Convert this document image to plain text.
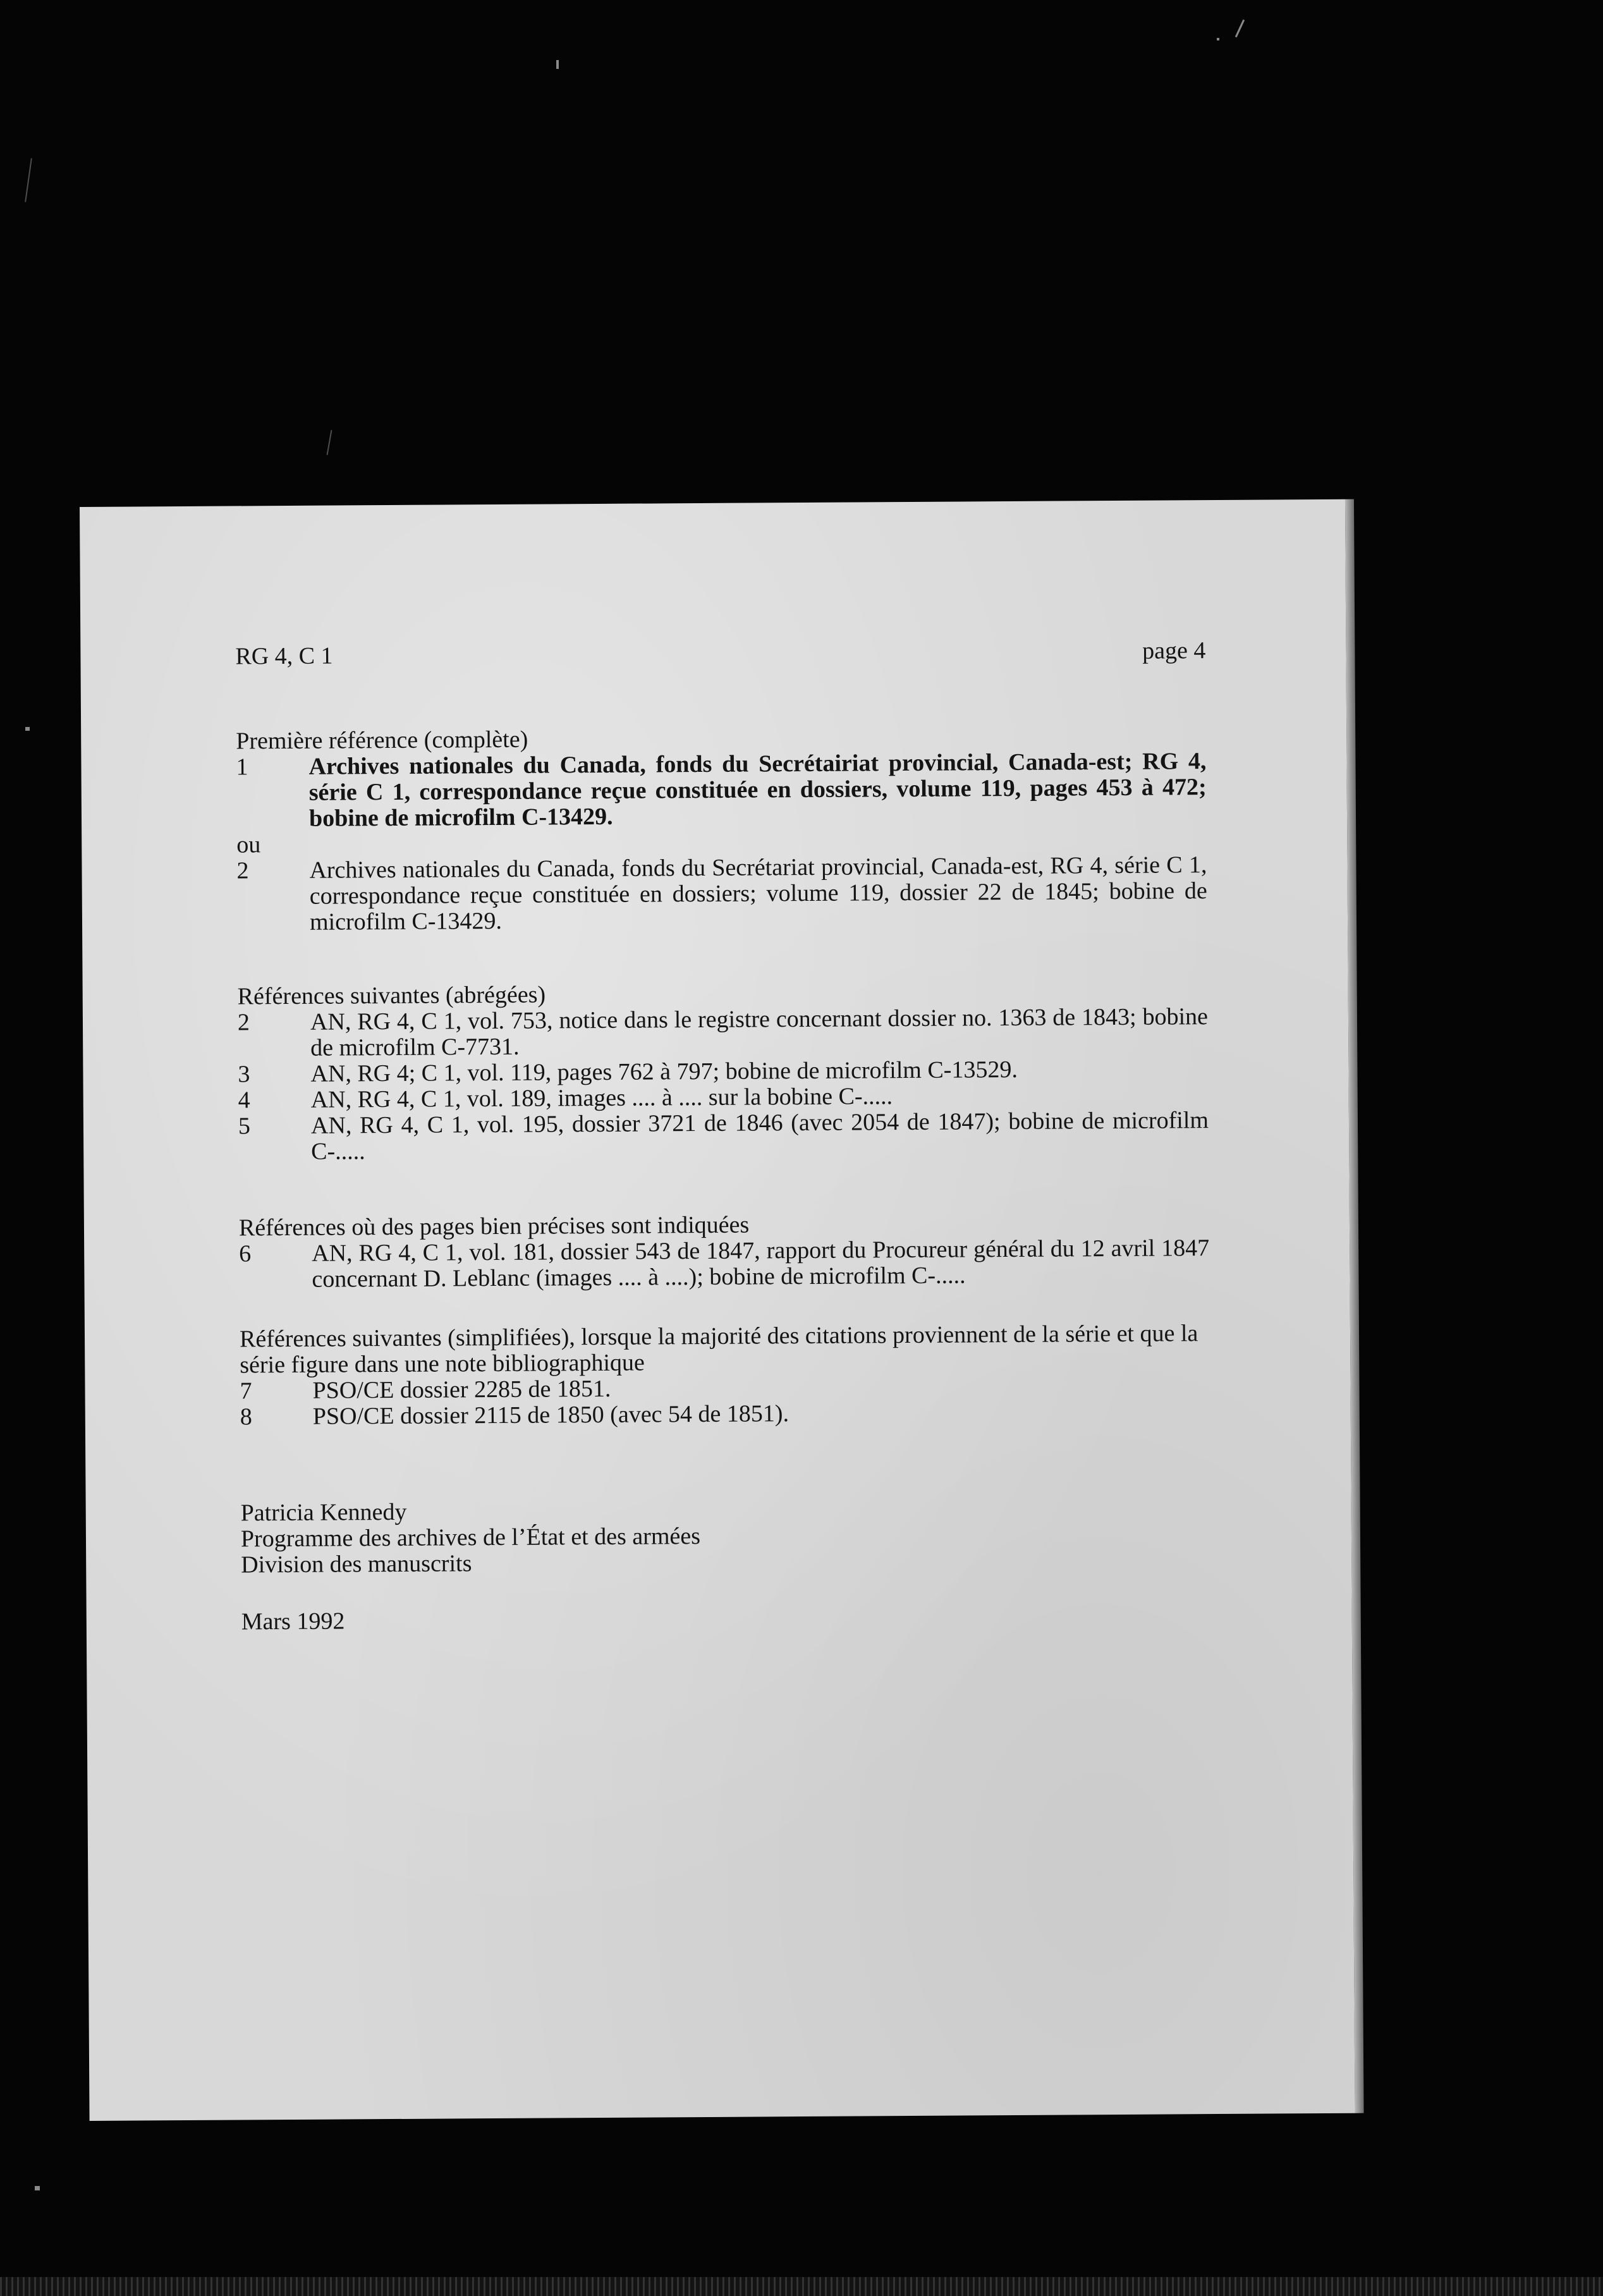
RG 4, C 1	page 4

Première référence (complète)

1	Archives nationales du Canada, fonds du Secrétairiat provincial, Canada-est; RG 4, série C 1, correspondance reçue constituée en dossiers, volume 119, pages 453 à 472; bobine de microfilm C-13429.

ou

2	Archives nationales du Canada, fonds du Secrétariat provincial, Canada-est, RG 4, série C 1, correspondance reçue constituée en dossiers; volume 119, dossier 22 de 1845; bobine de microfilm C-13429.

Références suivantes (abrégées)

2	AN, RG 4, C 1, vol. 753, notice dans le registre concernant dossier no. 1363 de 1843; bobine de microfilm C-7731.
3	AN, RG 4; C 1, vol. 119, pages 762 à 797; bobine de microfilm C-13529.
4	AN, RG 4, C 1, vol. 189, images .... à .... sur la bobine C-.....
5	AN, RG 4, C 1, vol. 195, dossier 3721 de 1846 (avec 2054 de 1847); bobine de microfilm C-.....

Références où des pages bien précises sont indiquées

6	AN, RG 4, C 1, vol. 181, dossier 543 de 1847, rapport du Procureur général du 12 avril 1847 concernant D. Leblanc (images .... à ....); bobine de microfilm C-.....

Références suivantes (simplifiées), lorsque la majorité des citations proviennent de la série et que la série figure dans une note bibliographique

7	PSO/CE dossier 2285 de 1851.
8	PSO/CE dossier 2115 de 1850 (avec 54 de 1851).

Patricia Kennedy

Programme des archives de l’État et des armées

Division des manuscrits

Mars 1992
